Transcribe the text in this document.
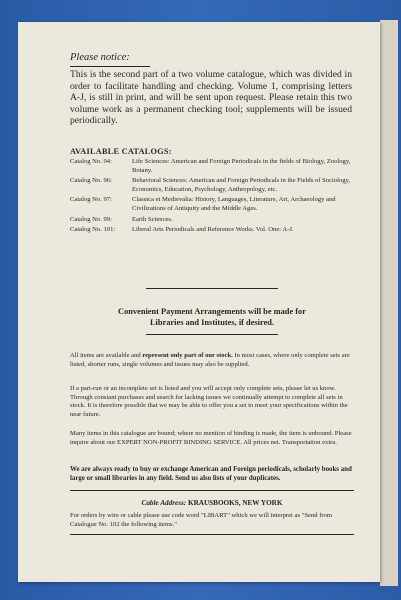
Please notice:
This is the second part of a two volume catalogue, which was divided in order to facilitate handling and checking. Volume 1, comprising letters A-J, is still in print, and will be sent upon request. Please retain this two volume work as a permanent checking tool; supplements will be issued periodically.
AVAILABLE CATALOGS:
Catalog No. 94:	Life Sciences: American and Foreign Periodicals in the fields of Biology, Zoology, Botany.
Catalog No. 96:	Behavioral Sciences: American and Foreign Periodicals in the Fields of Sociology, Economics, Education, Psychology, Anthropology, etc.
Catalog No. 97:	Classica et Medievalia: History, Languages, Literature, Art, Archaeology and Civilizations of Antiquity and the Middle Ages.
Catalog No. 99:	Earth Sciences.
Catalog No. 101:	Liberal Arts Periodicals and Reference Works. Vol. One: A-J.
Convenient Payment Arrangements will be made for
Libraries and Institutes, if desired.
All items are available and represent only part of our stock. In most cases, where only complete sets are listed, shorter runs, single volumes and issues may also be supplied.
If a part-run or an incomplete set is listed and you will accept only complete sets, please let us know. Through constant purchases and search for lacking issues we continually attempt to complete all sets in stock. It is therefore possible that we may be able to offer you a set to meet your specifications within the near future.
Many items in this catalogue are bound; where no mention of binding is made, the item is unbound. Please inquire about our EXPERT NON-PROFIT BINDING SERVICE. All prices net. Transportation extra.
We are always ready to buy or exchange American and Foreign periodicals, scholarly books and large or small libraries in any field. Send us also lists of your duplicates.
Cable Address: KRAUSBOOKS, NEW YORK
For orders by wire or cable please use code word "LIBART" which we will interpret as "Send from Catalogue No. 102 the following items."
